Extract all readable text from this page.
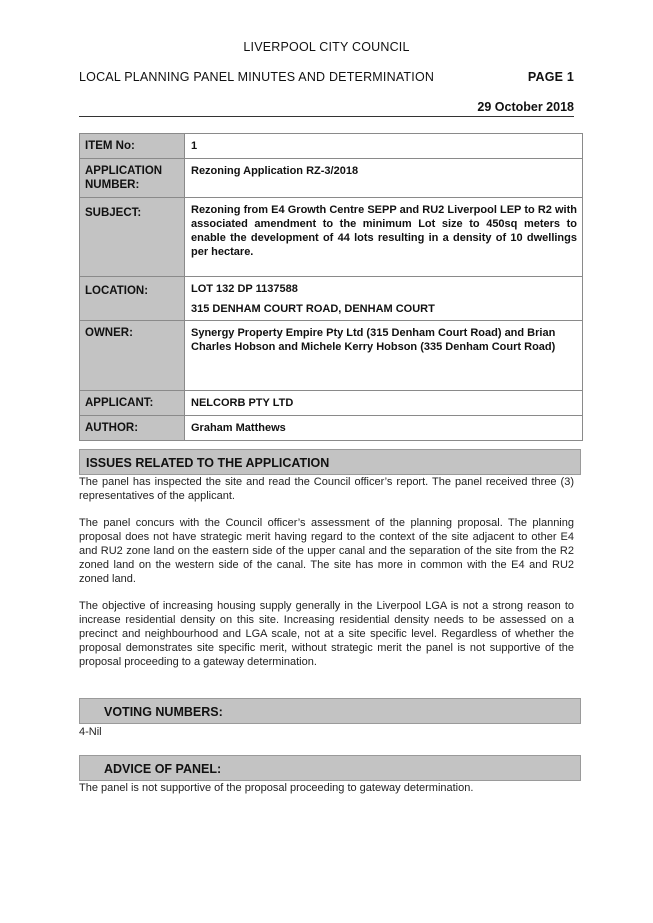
LIVERPOOL CITY COUNCIL
LOCAL PLANNING PANEL MINUTES AND DETERMINATION	PAGE 1
29 October 2018
ITEM No:	1
APPLICATION NUMBER:	Rezoning Application RZ-3/2018
SUBJECT:	Rezoning from E4 Growth Centre SEPP and RU2 Liverpool LEP to R2 with associated amendment to the minimum Lot size to 450sq meters to enable the development of 44 lots resulting in a density of 10 dwellings per hectare.
LOCATION:	LOT 132 DP 1137588
315 DENHAM COURT ROAD, DENHAM COURT

OWNER:	Synergy Property Empire Pty Ltd (315 Denham Court Road) and Brian Charles Hobson and Michele Kerry Hobson (335 Denham Court Road)
APPLICANT:	NELCORB PTY LTD
AUTHOR:	Graham Matthews
ISSUES RELATED TO THE APPLICATION
The panel has inspected the site and read the Council officer’s report. The panel received three (3) representatives of the applicant.
The panel concurs with the Council officer’s assessment of the planning proposal. The planning proposal does not have strategic merit having regard to the context of the site adjacent to other E4 and RU2 zone land on the eastern side of the upper canal and the separation of the site from the R2 zoned land on the western side of the canal. The site has more in common with the E4 and RU2 zoned land.
The objective of increasing housing supply generally in the Liverpool LGA is not a strong reason to increase residential density on this site. Increasing residential density needs to be assessed on a precinct and neighbourhood and LGA scale, not at a site specific level. Regardless of whether the proposal demonstrates site specific merit, without strategic merit the panel is not supportive of the proposal proceeding to a gateway determination.
VOTING NUMBERS:
4-Nil
ADVICE OF PANEL:
The panel is not supportive of the proposal proceeding to gateway determination.
